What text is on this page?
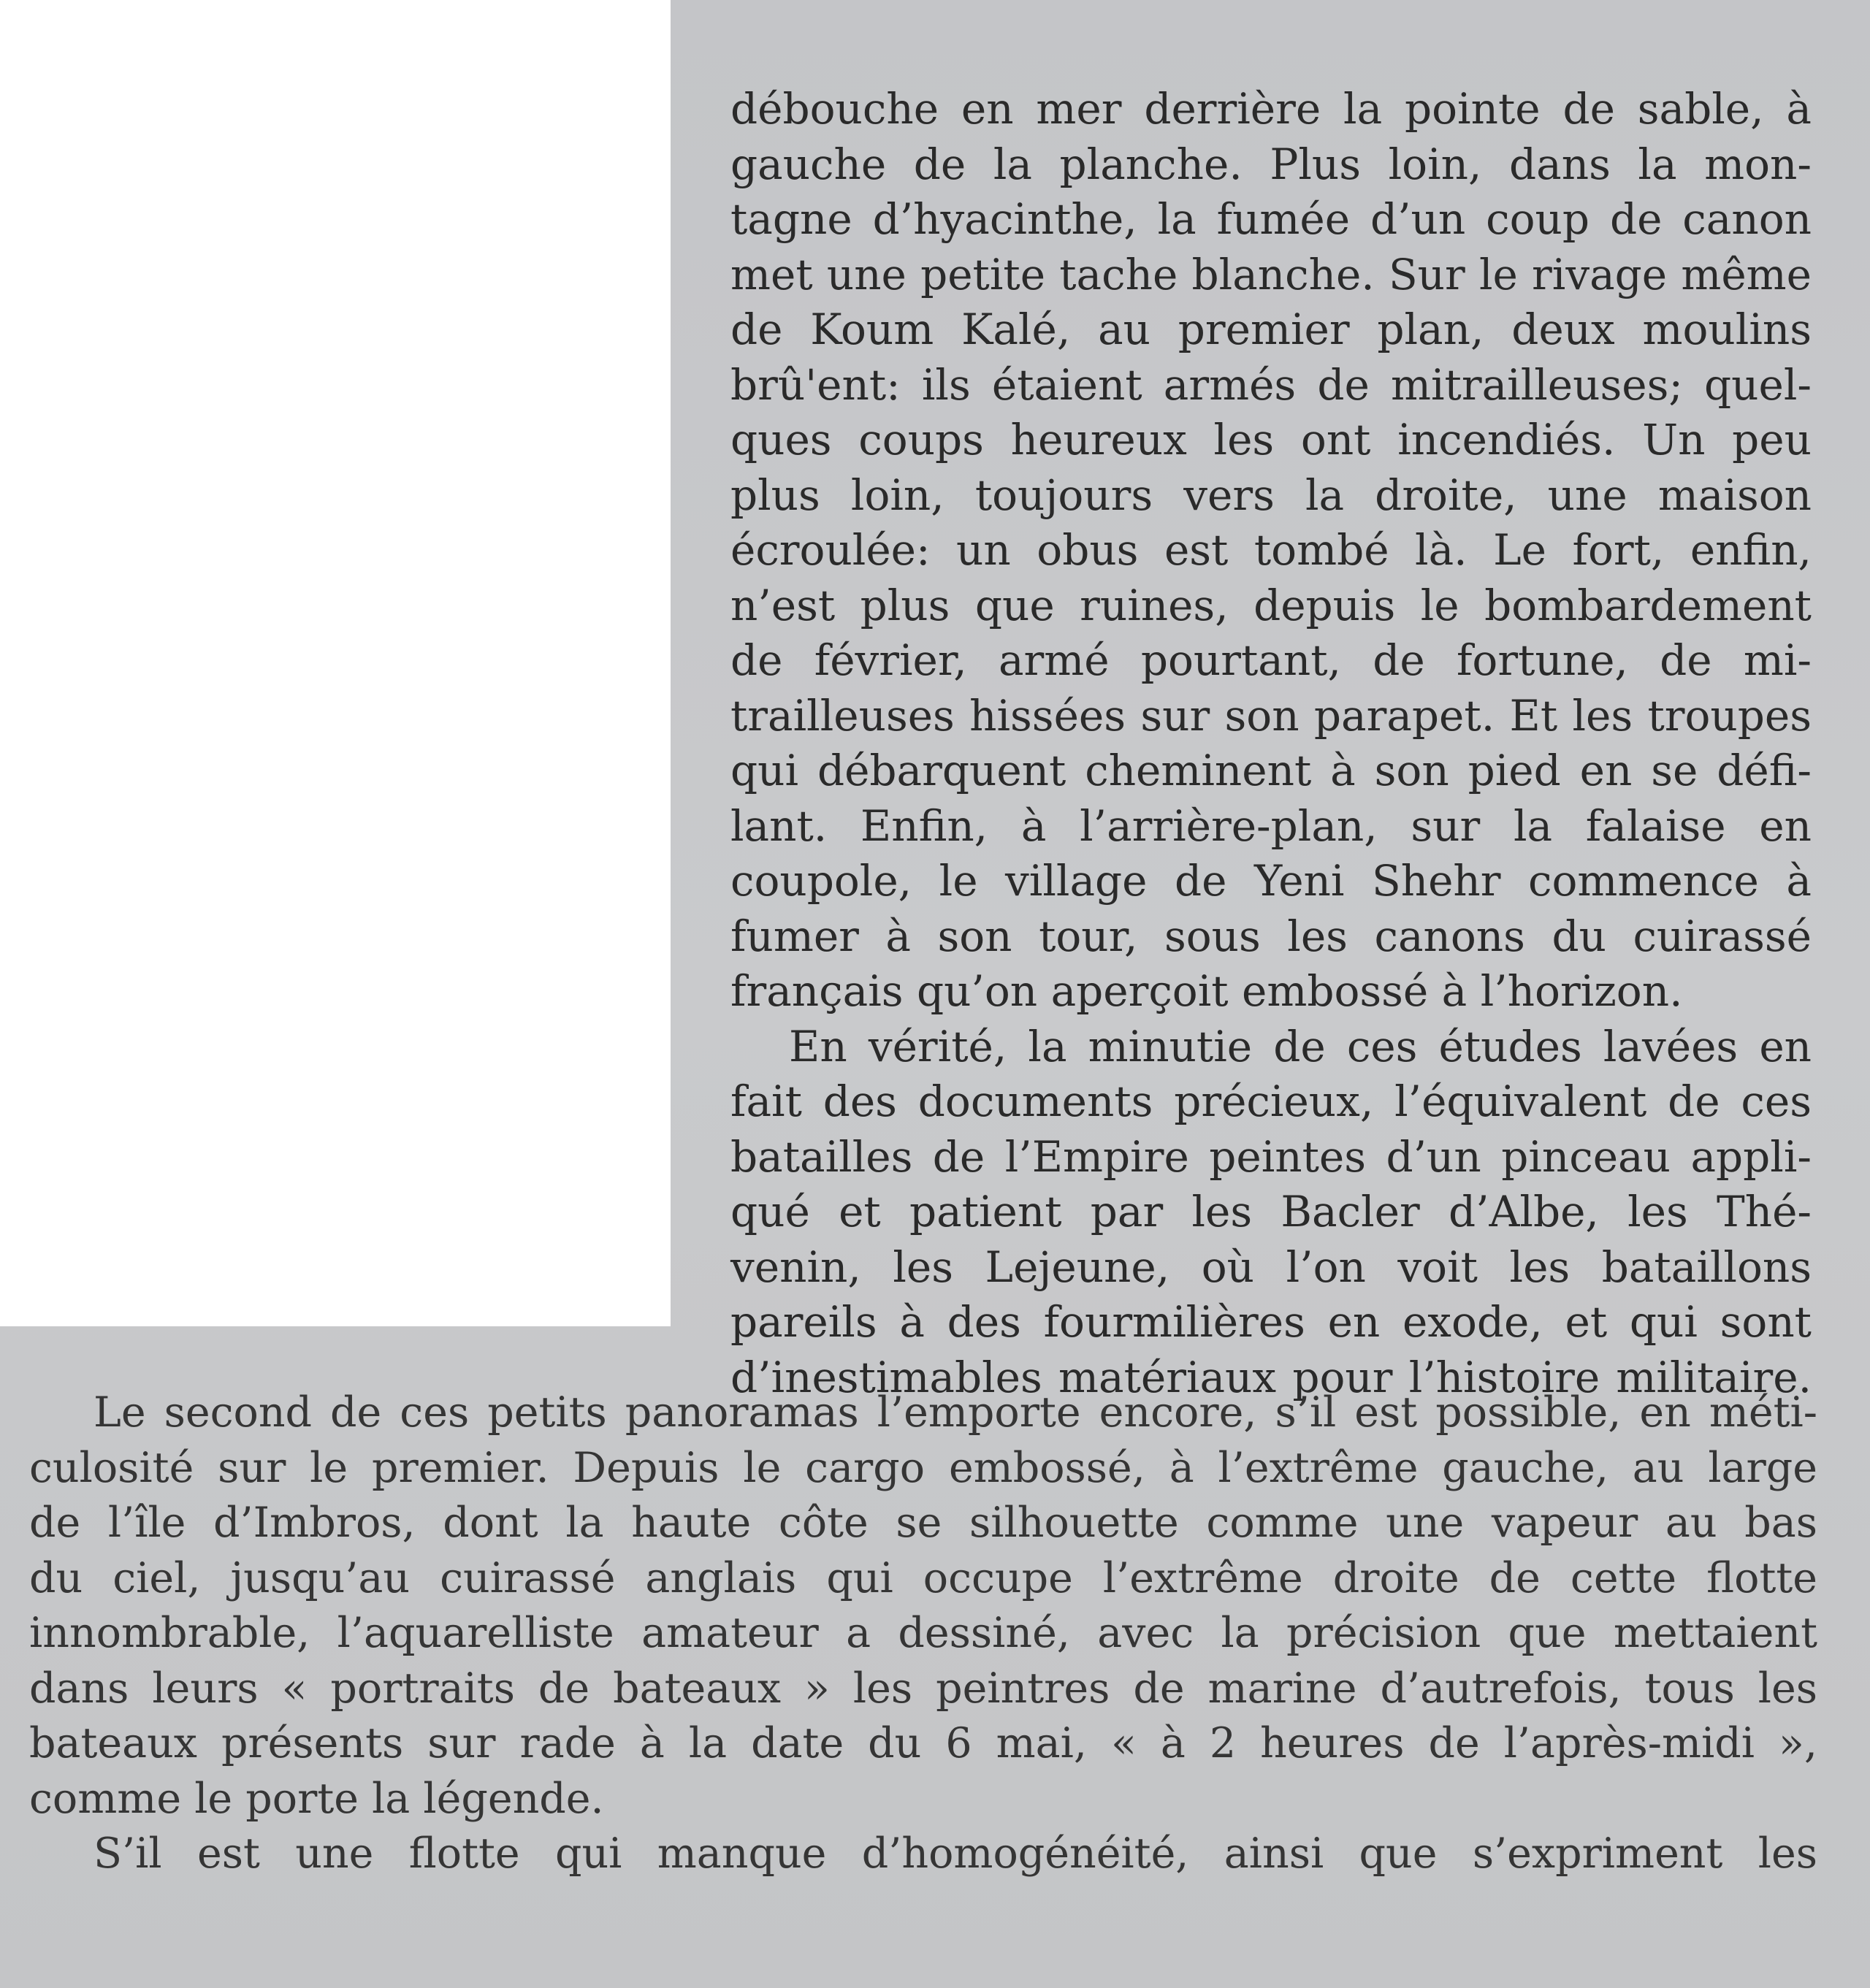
débouche en mer derrière la pointe de sable, à
gauche de la planche. Plus loin, dans la mon-
tagne d’hyacinthe, la fumée d’un coup de canon
met une petite tache blanche. Sur le rivage même
de Koum Kalé, au premier plan, deux moulins
brû'ent: ils étaient armés de mitrailleuses; quel-
ques coups heureux les ont incendiés. Un peu
plus loin, toujours vers la droite, une maison
écroulée: un obus est tombé là. Le fort, enfin,
n’est plus que ruines, depuis le bombardement
de février, armé pourtant, de fortune, de mi-
trailleuses hissées sur son parapet. Et les troupes
qui débarquent cheminent à son pied en se défi-
lant. Enfin, à l’arrière-plan, sur la falaise en
coupole, le village de Yeni Shehr commence à
fumer à son tour, sous les canons du cuirassé
français qu’on aperçoit embossé à l’horizon.
En vérité, la minutie de ces études lavées en
fait des documents précieux, l’équivalent de ces
batailles de l’Empire peintes d’un pinceau appli-
qué et patient par les Bacler d’Albe, les Thé-
venin, les Lejeune, où l’on voit les bataillons
pareils à des fourmilières en exode, et qui sont
d’inestimables matériaux pour l’histoire militaire.
Le second de ces petits panoramas l’emporte encore, s’il est possible, en méti-
culosité sur le premier. Depuis le cargo embossé, à l’extrême gauche, au large
de l’île d’Imbros, dont la haute côte se silhouette comme une vapeur au bas
du ciel, jusqu’au cuirassé anglais qui occupe l’extrême droite de cette flotte
innombrable, l’aquarelliste amateur a dessiné, avec la précision que mettaient
dans leurs « portraits de bateaux » les peintres de marine d’autrefois, tous les
bateaux présents sur rade à la date du 6 mai, « à 2 heures de l’après-midi »,
comme le porte la légende.
S’il est une flotte qui manque d’homogénéité, ainsi que s’expriment les
